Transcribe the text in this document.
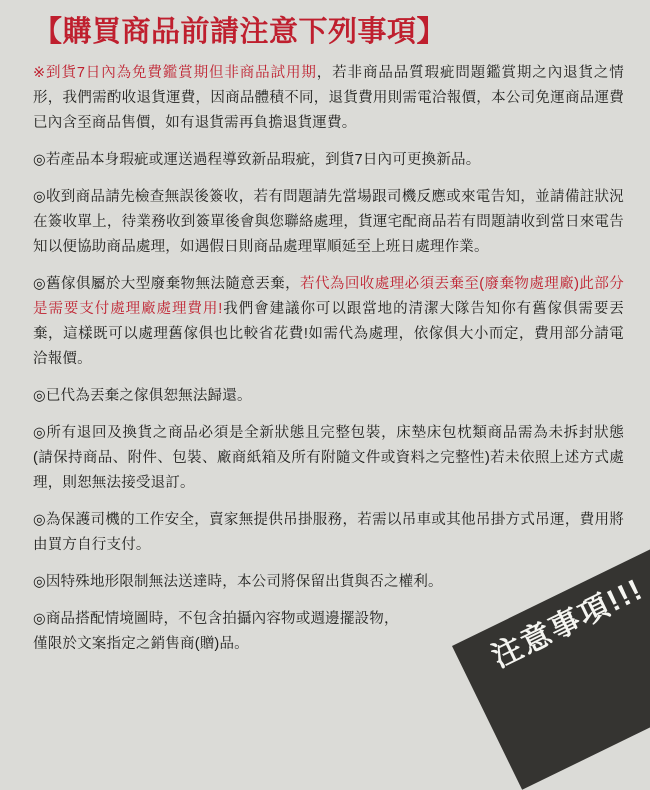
【購買商品前請注意下列事項】

※到貨7日內為免費鑑賞期但非商品試用期，若非商品品質瑕疵問題鑑賞期之內退貨之情形，我們需酌收退貨運費，因商品體積不同，退貨費用則需電洽報價，本公司免運商品運費已內含至商品售價，如有退貨需再負擔退貨運費。

◎若產品本身瑕疵或運送過程導致新品瑕疵，到貨7日內可更換新品。

◎收到商品請先檢查無誤後簽收，若有問題請先當場跟司機反應或來電告知，並請備註狀況在簽收單上，待業務收到簽單後會與您聯絡處理，貨運宅配商品若有問題請收到當日來電告知以便協助商品處理，如遇假日則商品處理單順延至上班日處理作業。

◎舊傢俱屬於大型廢棄物無法隨意丟棄，若代為回收處理必須丟棄至(廢棄物處理廠)此部分是需要支付處理廠處理費用!我們會建議你可以跟當地的清潔大隊告知你有舊傢俱需要丟棄，這樣既可以處理舊傢俱也比較省花費!如需代為處理，依傢俱大小而定，費用部分請電洽報價。

◎已代為丟棄之傢俱恕無法歸還。

◎所有退回及換貨之商品必須是全新狀態且完整包裝，床墊床包枕類商品需為未拆封狀態(請保持商品、附件、包裝、廠商紙箱及所有附隨文件或資料之完整性)若未依照上述方式處理，則恕無法接受退訂。

◎為保護司機的工作安全，賣家無提供吊掛服務，若需以吊車或其他吊掛方式吊運，費用將由買方自行支付。

◎因特殊地形限制無法送達時，本公司將保留出貨與否之權利。

◎商品搭配情境圖時，不包含拍攝內容物或週邊擺設物，
僅限於文案指定之銷售商(贈)品。	注意事項!!!
